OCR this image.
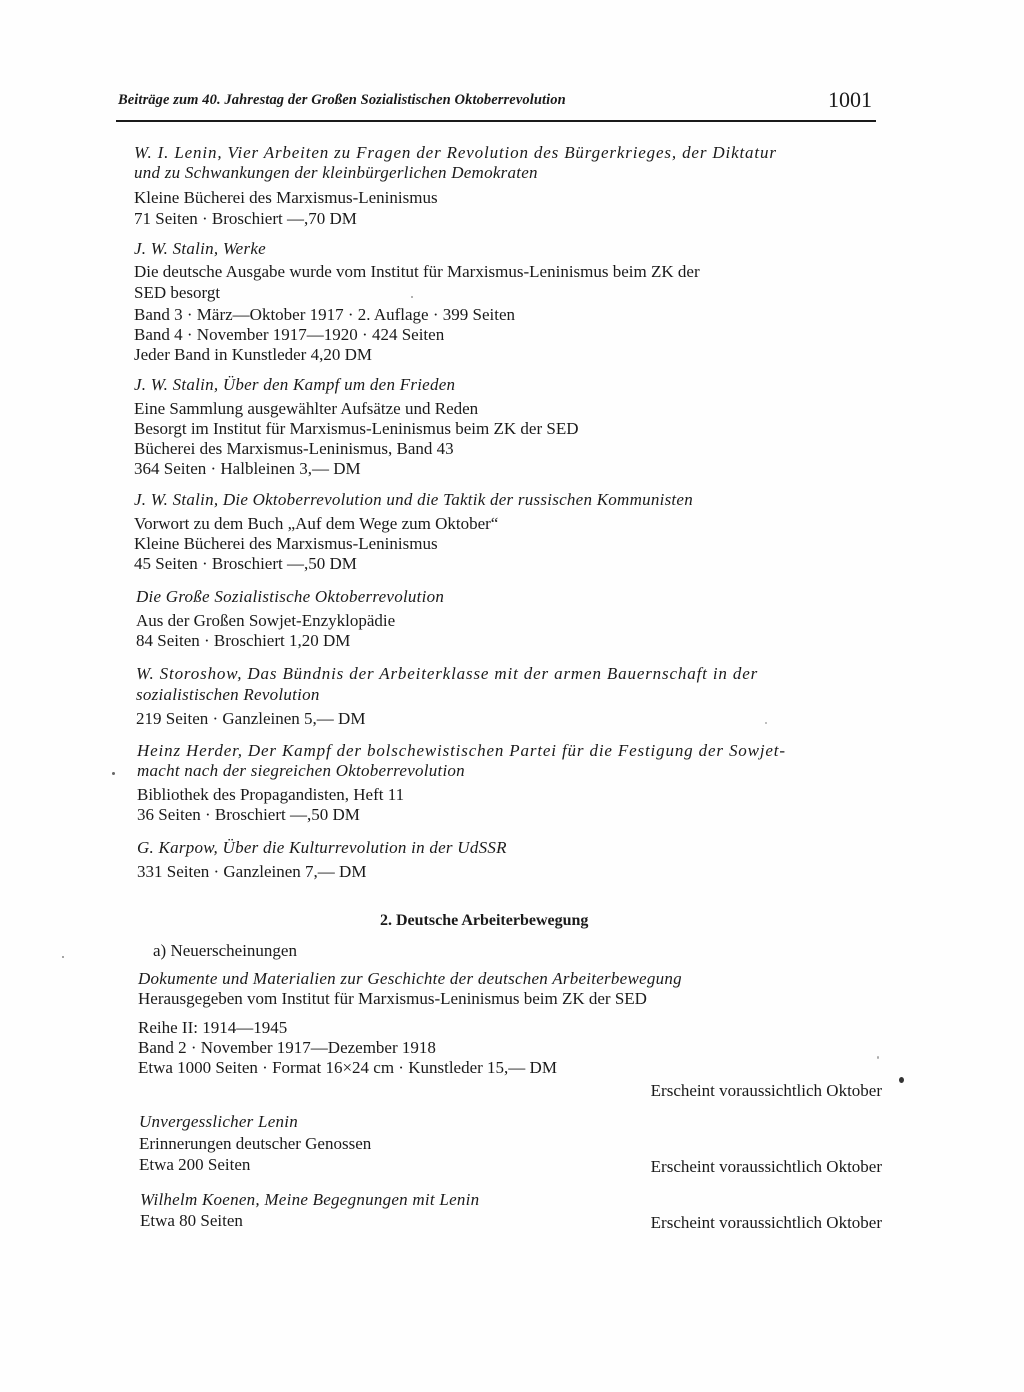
Beiträge zum 40. Jahrestag der Großen Sozialistischen Oktoberrevolution	1001
W. I. Lenin, Vier Arbeiten zu Fragen der Revolution des Bürgerkrieges, der Diktatur
und zu Schwankungen der kleinbürgerlichen Demokraten
Kleine Bücherei des Marxismus-Leninismus
71 Seiten · Broschiert —,70 DM
J. W. Stalin, Werke
Die deutsche Ausgabe wurde vom Institut für Marxismus-Leninismus beim ZK der
SED besorgt
Band 3 · März—Oktober 1917 · 2. Auflage · 399 Seiten
Band 4 · November 1917—1920 · 424 Seiten
Jeder Band in Kunstleder 4,20 DM
J. W. Stalin, Über den Kampf um den Frieden
Eine Sammlung ausgewählter Aufsätze und Reden
Besorgt im Institut für Marxismus-Leninismus beim ZK der SED
Bücherei des Marxismus-Leninismus, Band 43
364 Seiten · Halbleinen 3,— DM
J. W. Stalin, Die Oktoberrevolution und die Taktik der russischen Kommunisten
Vorwort zu dem Buch „Auf dem Wege zum Oktober“
Kleine Bücherei des Marxismus-Leninismus
45 Seiten · Broschiert —,50 DM
Die Große Sozialistische Oktoberrevolution
Aus der Großen Sowjet-Enzyklopädie
84 Seiten · Broschiert 1,20 DM
W. Storoshow, Das Bündnis der Arbeiterklasse mit der armen Bauernschaft in der
sozialistischen Revolution
219 Seiten · Ganzleinen 5,— DM
Heinz Herder, Der Kampf der bolschewistischen Partei für die Festigung der Sowjet-
macht nach der siegreichen Oktoberrevolution
Bibliothek des Propagandisten, Heft 11
36 Seiten · Broschiert —,50 DM
G. Karpow, Über die Kulturrevolution in der UdSSR
331 Seiten · Ganzleinen 7,— DM
2. Deutsche Arbeiterbewegung
a) Neuerscheinungen
Dokumente und Materialien zur Geschichte der deutschen Arbeiterbewegung
Herausgegeben vom Institut für Marxismus-Leninismus beim ZK der SED
Reihe II: 1914—1945
Band 2 · November 1917—Dezember 1918
Etwa 1000 Seiten · Format 16×24 cm · Kunstleder 15,— DM
Erscheint voraussichtlich Oktober
Unvergesslicher Lenin
Erinnerungen deutscher Genossen
Etwa 200 Seiten	Erscheint voraussichtlich Oktober
Wilhelm Koenen, Meine Begegnungen mit Lenin
Etwa 80 Seiten	Erscheint voraussichtlich Oktober
